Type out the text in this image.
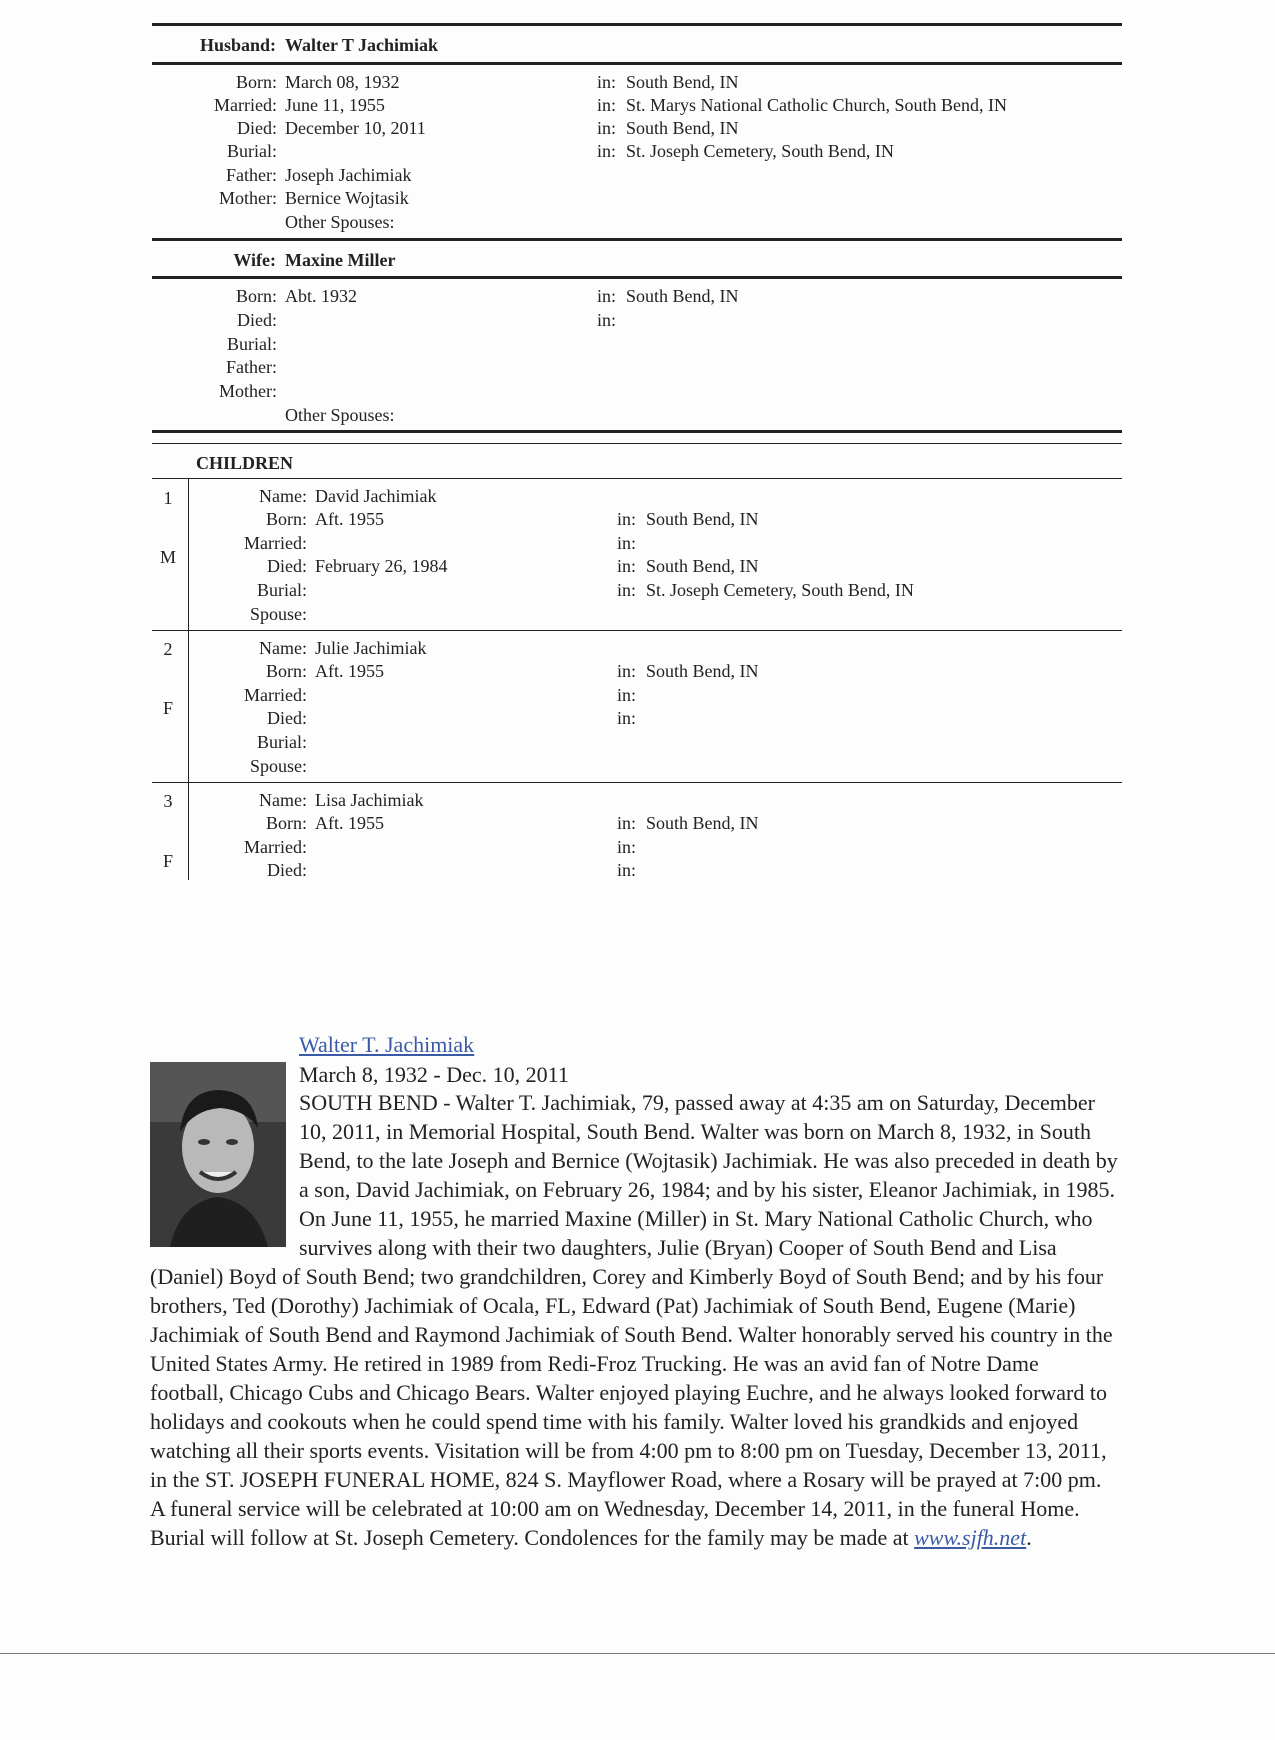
Husband: Walter T Jachimiak
Born: March 08, 1932	in: South Bend, IN
Married: June 11, 1955	in: St. Marys National Catholic Church, South Bend, IN
Died: December 10, 2011	in: South Bend, IN
Burial:	in: St. Joseph Cemetery, South Bend, IN
Father: Joseph Jachimiak
Mother: Bernice Wojtasik
Other Spouses:
Wife: Maxine Miller
Born: Abt. 1932	in: South Bend, IN
Died:	in:
Burial:
Father:
Mother:
Other Spouses:
CHILDREN
1
M
Name: David Jachimiak
Born: Aft. 1955	in: South Bend, IN
Married:	in:
Died: February 26, 1984	in: South Bend, IN
Burial:	in: St. Joseph Cemetery, South Bend, IN
Spouse:
2
F
Name: Julie Jachimiak
Born: Aft. 1955	in: South Bend, IN
Married:	in:
Died:	in:
Burial:
Spouse:
3
F
Name: Lisa Jachimiak
Born: Aft. 1955	in: South Bend, IN
Married:	in:
Died:	in:
Walter T. Jachimiak
March 8, 1932 - Dec. 10, 2011
SOUTH BEND - Walter T. Jachimiak, 79, passed away at 4:35 am on Saturday, December 10, 2011, in Memorial Hospital, South Bend. Walter was born on March 8, 1932, in South Bend, to the late Joseph and Bernice (Wojtasik) Jachimiak. He was also preceded in death by a son, David Jachimiak, on February 26, 1984; and by his sister, Eleanor Jachimiak, in 1985. On June 11, 1955, he married Maxine (Miller) in St. Mary National Catholic Church, who survives along with their two daughters, Julie (Bryan) Cooper of South Bend and Lisa (Daniel) Boyd of South Bend; two grandchildren, Corey and Kimberly Boyd of South Bend; and by his four brothers, Ted (Dorothy) Jachimiak of Ocala, FL, Edward (Pat) Jachimiak of South Bend, Eugene (Marie) Jachimiak of South Bend and Raymond Jachimiak of South Bend. Walter honorably served his country in the United States Army. He retired in 1989 from Redi-Froz Trucking. He was an avid fan of Notre Dame football, Chicago Cubs and Chicago Bears. Walter enjoyed playing Euchre, and he always looked forward to holidays and cookouts when he could spend time with his family. Walter loved his grandkids and enjoyed watching all their sports events. Visitation will be from 4:00 pm to 8:00 pm on Tuesday, December 13, 2011, in the ST. JOSEPH FUNERAL HOME, 824 S. Mayflower Road, where a Rosary will be prayed at 7:00 pm. A funeral service will be celebrated at 10:00 am on Wednesday, December 14, 2011, in the funeral Home. Burial will follow at St. Joseph Cemetery. Condolences for the family may be made at www.sjfh.net.
